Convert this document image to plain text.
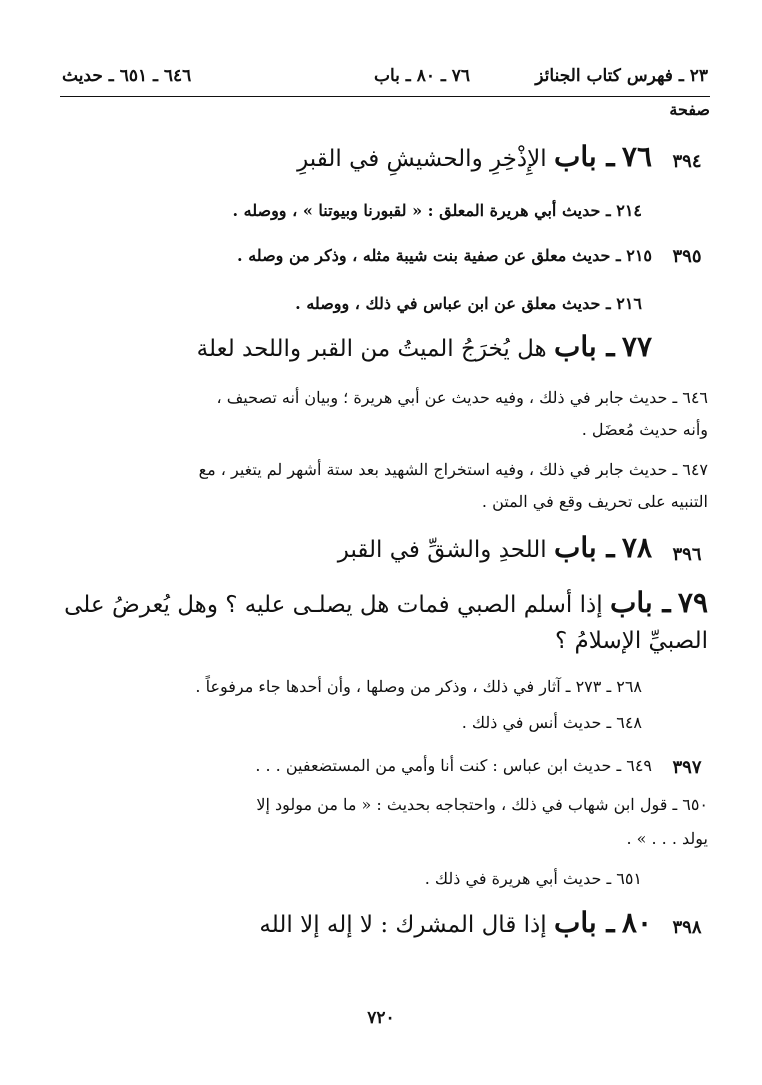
٢٣ ـ فهرس كتاب الجنائز
٧٦ ـ ٨٠ ـ باب
٦٤٦ ـ ٦٥١ ـ حديث
صفحة
٣٩٤
٧٦ ـ باب الإِذْخِرِ والحشيشِ في القبرِ
٢١٤ ـ حديث أبي هريرة المعلق : « لقبورنا وبيوتنا » ، ووصله .
٣٩٥
٢١٥ ـ حديث معلق عن صفية بنت شيبة مثله ، وذكر من وصله .
٢١٦ ـ حديث معلق عن ابن عباس في ذلك ، ووصله .
٧٧ ـ باب هل يُخرَجُ الميتُ من القبر واللحد لعلة
٦٤٦ ـ حديث جابر في ذلك ، وفيه حديث عن أبي هريرة ؛ وبيان أنه تصحيف ،
وأنه حديث مُعضَل .
٦٤٧ ـ حديث جابر في ذلك ، وفيه استخراج الشهيد بعد ستة أشهر لم يتغير ، مع
التنبيه على تحريف وقع في المتن .
٣٩٦
٧٨ ـ باب اللحدِ والشقِّ في القبر
٧٩ ـ باب إذا أسلم الصبي فمات هل يصلـى عليه ؟ وهل يُعرضُ على
الصبيِّ الإسلامُ ؟
٢٦٨ ـ ٢٧٣ ـ آثار في ذلك ، وذكر من وصلها ، وأن أحدها جاء مرفوعاً .
٦٤٨ ـ حديث أنس في ذلك .
٣٩٧
٦٤٩ ـ حديث ابن عباس : كنت أنا وأمي من المستضعفين . . .
٦٥٠ ـ قول ابن شهاب في ذلك ، واحتجاجه بحديث : « ما من مولود إلا
يولد . . . » .
٦٥١ ـ حديث أبي هريرة في ذلك .
٣٩٨
٨٠ ـ باب إذا قال المشرك : لا إله إلا الله
٧٢٠
